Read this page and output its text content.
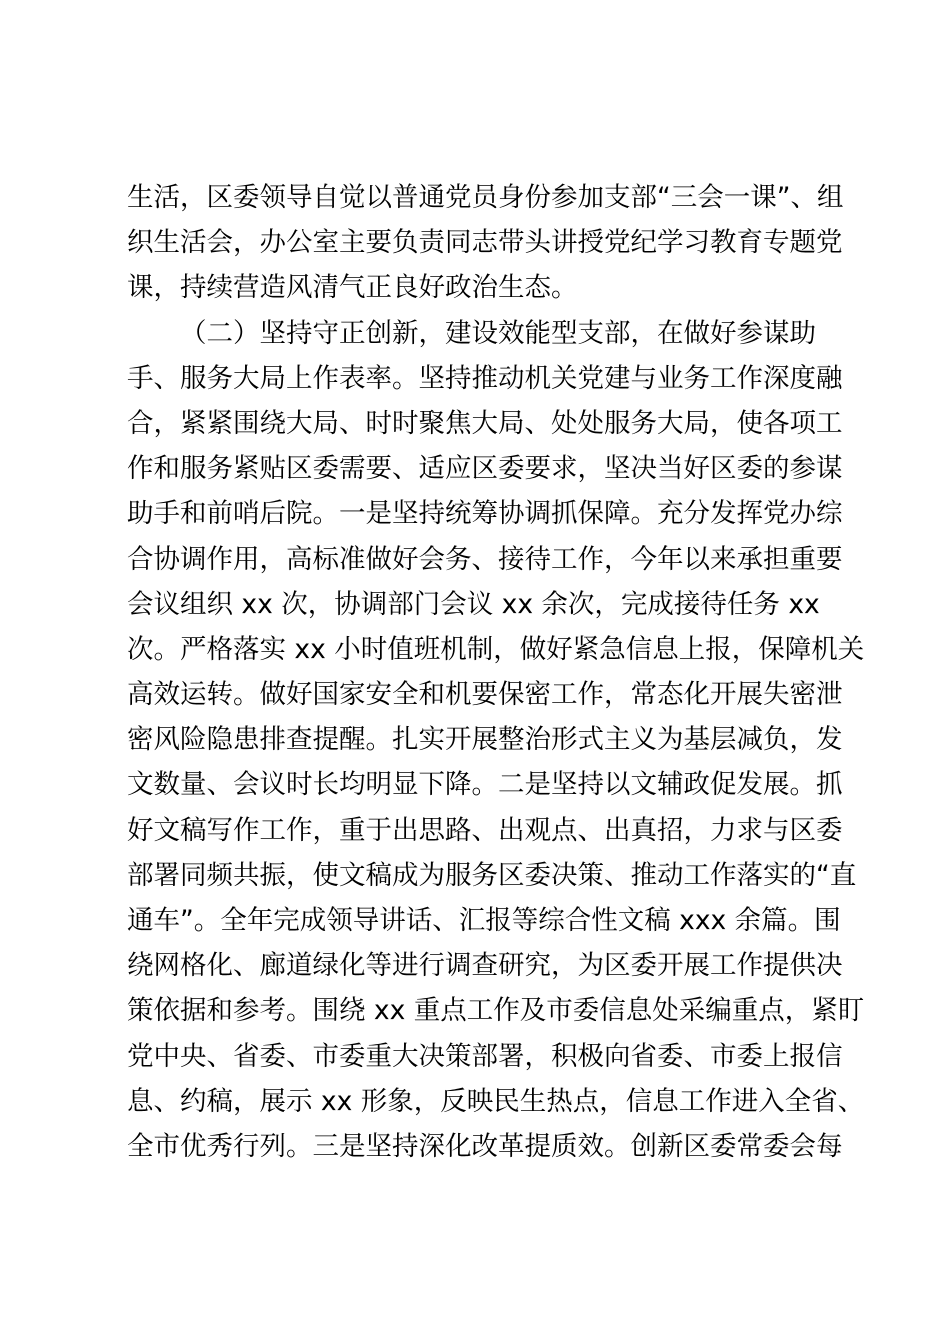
生活，区委领导自觉以普通党员身份参加支部“三会一课”、组
织生活会，办公室主要负责同志带头讲授党纪学习教育专题党
课，持续营造风清气正良好政治生态。
（二）坚持守正创新，建设效能型支部，在做好参谋助
手、服务大局上作表率。坚持推动机关党建与业务工作深度融
合，紧紧围绕大局、时时聚焦大局、处处服务大局，使各项工
作和服务紧贴区委需要、适应区委要求，坚决当好区委的参谋
助手和前哨后院。一是坚持统筹协调抓保障。充分发挥党办综
合协调作用，高标准做好会务、接待工作，今年以来承担重要
会议组织 xx 次，协调部门会议 xx 余次，完成接待任务 xx
次。严格落实 xx 小时值班机制，做好紧急信息上报，保障机关
高效运转。做好国家安全和机要保密工作，常态化开展失密泄
密风险隐患排查提醒。扎实开展整治形式主义为基层减负，发
文数量、会议时长均明显下降。二是坚持以文辅政促发展。抓
好文稿写作工作，重于出思路、出观点、出真招，力求与区委
部署同频共振，使文稿成为服务区委决策、推动工作落实的“直
通车”。全年完成领导讲话、汇报等综合性文稿 xxx 余篇。围
绕网格化、廊道绿化等进行调查研究，为区委开展工作提供决
策依据和参考。围绕 xx 重点工作及市委信息处采编重点，紧盯
党中央、省委、市委重大决策部署，积极向省委、市委上报信
息、约稿，展示 xx 形象，反映民生热点，信息工作进入全省、
全市优秀行列。三是坚持深化改革提质效。创新区委常委会每
